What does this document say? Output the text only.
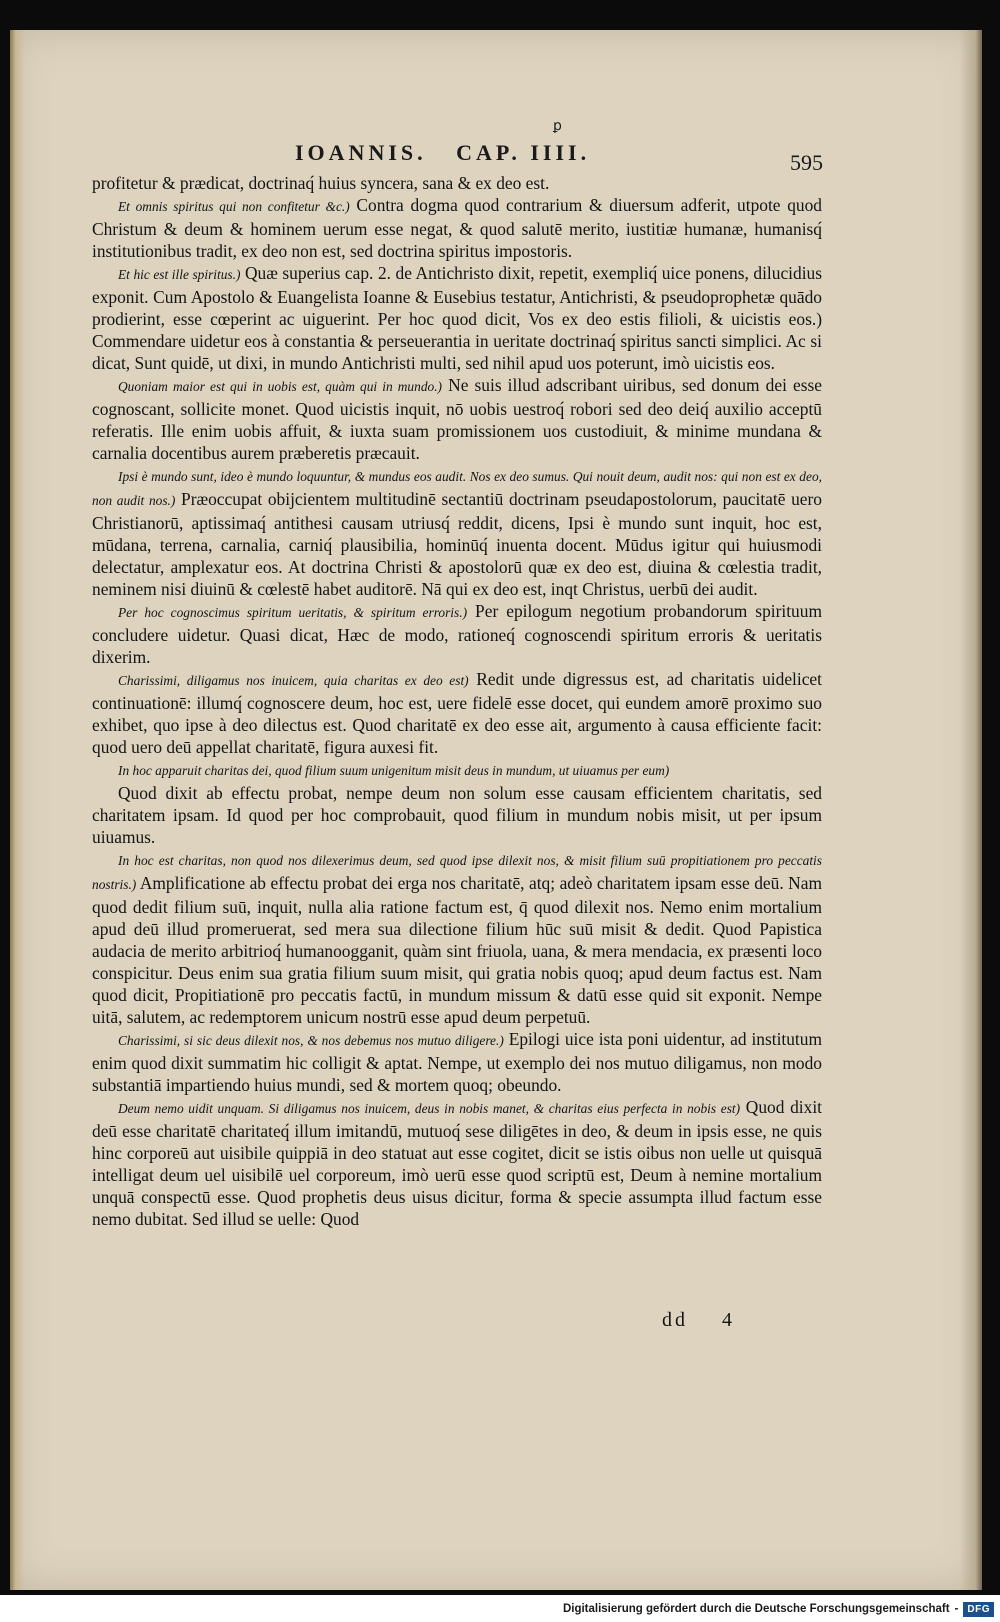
ꝑ
IOANNIS. CAP. IIII.	595

profitetur & prædicat, doctrinaq́ huius syncera, sana & ex deo est.

Et omnis spiritus qui non confitetur &c.) Contra dogma quod contrarium & diuersum adferit, utpote quod Christum & deum & hominem uerum esse negat, & quod salutē merito, iustitiæ humanæ, humanisq́ institutionibus tradit, ex deo non est, sed doctrina spiritus impostoris.

Et hic est ille spiritus.) Quæ superius cap. 2. de Antichristo dixit, repetit, exempliq́ uice ponens, dilucidius exponit. Cum Apostolo & Euangelista Ioanne & Eusebius testatur, Antichristi, & pseudoprophetæ quādo prodierint, esse cœperint ac uiguerint. Per hoc quod dicit, Vos ex deo estis filioli, & uicistis eos.) Commendare uidetur eos à constantia & perseuerantia in ueritate doctrinaq́ spiritus sancti simplici. Ac si dicat, Sunt quidē, ut dixi, in mundo Antichristi multi, sed nihil apud uos poterunt, imò uicistis eos.

Quoniam maior est qui in uobis est, quàm qui in mundo.) Ne suis illud adscribant uiribus, sed donum dei esse cognoscant, sollicite monet. Quod uicistis inquit, nō uobis uestroq́ robori sed deo deiq́ auxilio acceptū referatis. Ille enim uobis affuit, & iuxta suam promissionem uos custodiuit, & minime mundana & carnalia docentibus aurem præberetis præcauit.

Ipsi è mundo sunt, ideo è mundo loquuntur, & mundus eos audit. Nos ex deo sumus. Qui nouit deum, audit nos: qui non est ex deo, non audit nos.) Præoccupat obijcientem multitudinē sectantiū doctrinam pseudapostolorum, paucitatē uero Christianorū, aptissimaq́ antithesi causam utriusq́ reddit, dicens, Ipsi è mundo sunt inquit, hoc est, mūdana, terrena, carnalia, carniq́ plausibilia, hominūq́ inuenta docent. Mūdus igitur qui huiusmodi delectatur, amplexatur eos. At doctrina Christi & apostolorū quæ ex deo est, diuina & cœlestia tradit, neminem nisi diuinū & cœlestē habet auditorē. Nā qui ex deo est, inqt Christus, uerbū dei audit.

Per hoc cognoscimus spiritum ueritatis, & spiritum erroris.) Per epilogum negotium probandorum spirituum concludere uidetur. Quasi dicat, Hæc de modo, rationeq́ cognoscendi spiritum erroris & ueritatis dixerim.

Charissimi, diligamus nos inuicem, quia charitas ex deo est) Redit unde digressus est, ad charitatis uidelicet continuationē: illumq́ cognoscere deum, hoc est, uere fidelē esse docet, qui eundem amorē proximo suo exhibet, quo ipse à deo dilectus est. Quod charitatē ex deo esse ait, argumento à causa efficiente facit: quod uero deū appellat charitatē, figura auxesi fit.

In hoc apparuit charitas dei, quod filium suum unigenitum misit deus in mundum, ut uiuamus per eum)

Quod dixit ab effectu probat, nempe deum non solum esse causam efficientem charitatis, sed charitatem ipsam. Id quod per hoc comprobauit, quod filium in mundum nobis misit, ut per ipsum uiuamus.

In hoc est charitas, non quod nos dilexerimus deum, sed quod ipse dilexit nos, & misit filium suū propitiationem pro peccatis nostris.) Amplificatione ab effectu probat dei erga nos charitatē, atq; adeò charitatem ipsam esse deū. Nam quod dedit filium suū, inquit, nulla alia ratione factum est, q̄ quod dilexit nos. Nemo enim mortalium apud deū illud promeruerat, sed mera sua dilectione filium hūc suū misit & dedit. Quod Papistica audacia de merito arbitrioq́ humanoogganit, quàm sint friuola, uana, & mera mendacia, ex præsenti loco conspicitur. Deus enim sua gratia filium suum misit, qui gratia nobis quoq; apud deum factus est. Nam quod dicit, Propitiationē pro peccatis factū, in mundum missum & datū esse quid sit exponit. Nempe uitā, salutem, ac redemptorem unicum nostrū esse apud deum perpetuū.

Charissimi, si sic deus dilexit nos, & nos debemus nos mutuo diligere.) Epilogi uice ista poni uidentur, ad institutum enim quod dixit summatim hic colligit & aptat. Nempe, ut exemplo dei nos mutuo diligamus, non modo substantiā impartiendo huius mundi, sed & mortem quoq; obeundo.

Deum nemo uidit unquam. Si diligamus nos inuicem, deus in nobis manet, & charitas eius perfecta in nobis est) Quod dixit deū esse charitatē charitateq́ illum imitandū, mutuoq́ sese diligētes in deo, & deum in ipsis esse, ne quis hinc corporeū aut uisibile quippiā in deo statuat aut esse cogitet, dicit se istis oibus non uelle ut quisquā intelligat deum uel uisibilē uel corporeum, imò uerū esse quod scriptū est, Deum à nemine mortalium unquā conspectū esse. Quod prophetis deus uisus dicitur, forma & specie assumpta illud factum esse nemo dubitat. Sed illud se uelle: Quod

dd 4
Digitalisierung gefördert durch die Deutsche Forschungsgemeinschaft - DFG
